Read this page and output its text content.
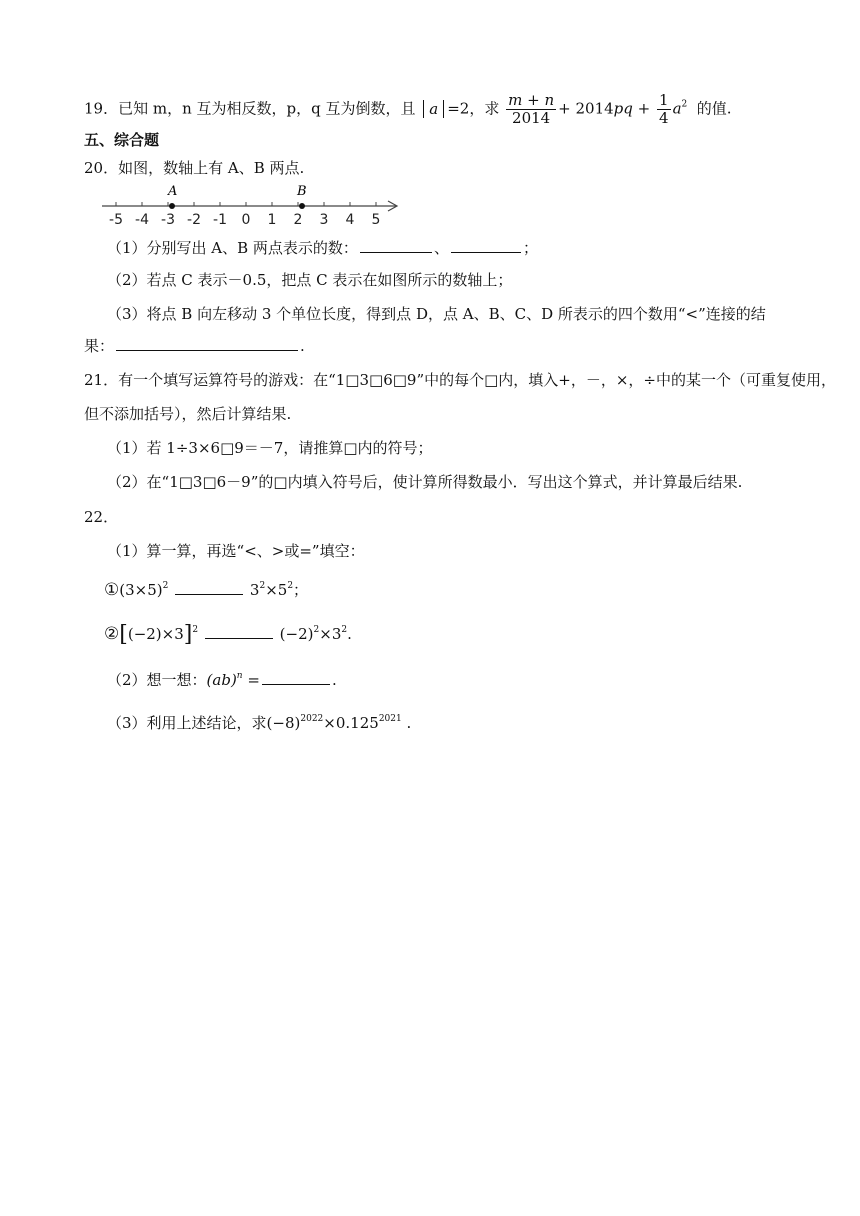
19．已知 m，n 互为相反数，p，q 互为倒数，且 a =2，求 $\frac{m + n}{2014} + 2014pq + \frac{1}{4} a^2$ 的值.
五、综合题
20．如图，数轴上有 A、B 两点.
-5 -4 -3 -2 -1 0 1 2 3 4 5
A	B
（1）分别写出 A、B 两点表示的数：	、	；
（2）若点 C 表示－0.5，把点 C 表示在如图所示的数轴上；
（3）将点 B 向左移动 3 个单位长度，得到点 D，点 A、B、C、D 所表示的四个数用“<”连接的结
果：	.
21．有一个填写运算符号的游戏：在“1□3□6□9”中的每个□内，填入+，－，×，÷中的某一个（可重复使用，
但不添加括号），然后计算结果.
（1）若 1÷3×6□9＝－7，请推算□内的符号；
（2）在“1□3□6－9”的□内填入符号后，使计算所得数最小．写出这个算式，并计算最后结果.
22．
（1）算一算，再选“<、>或=”填空：
$①(3\times 5)^2$	$3^2\times 5^2$；
$②[(-2)\times 3]^2$	$(-2)^2\times 3^2$.
（2）想一想：(ab)$^n$ =	.
（3）利用上述结论，求$(-8)^{2022}\times 0.125^{2021}$ .
